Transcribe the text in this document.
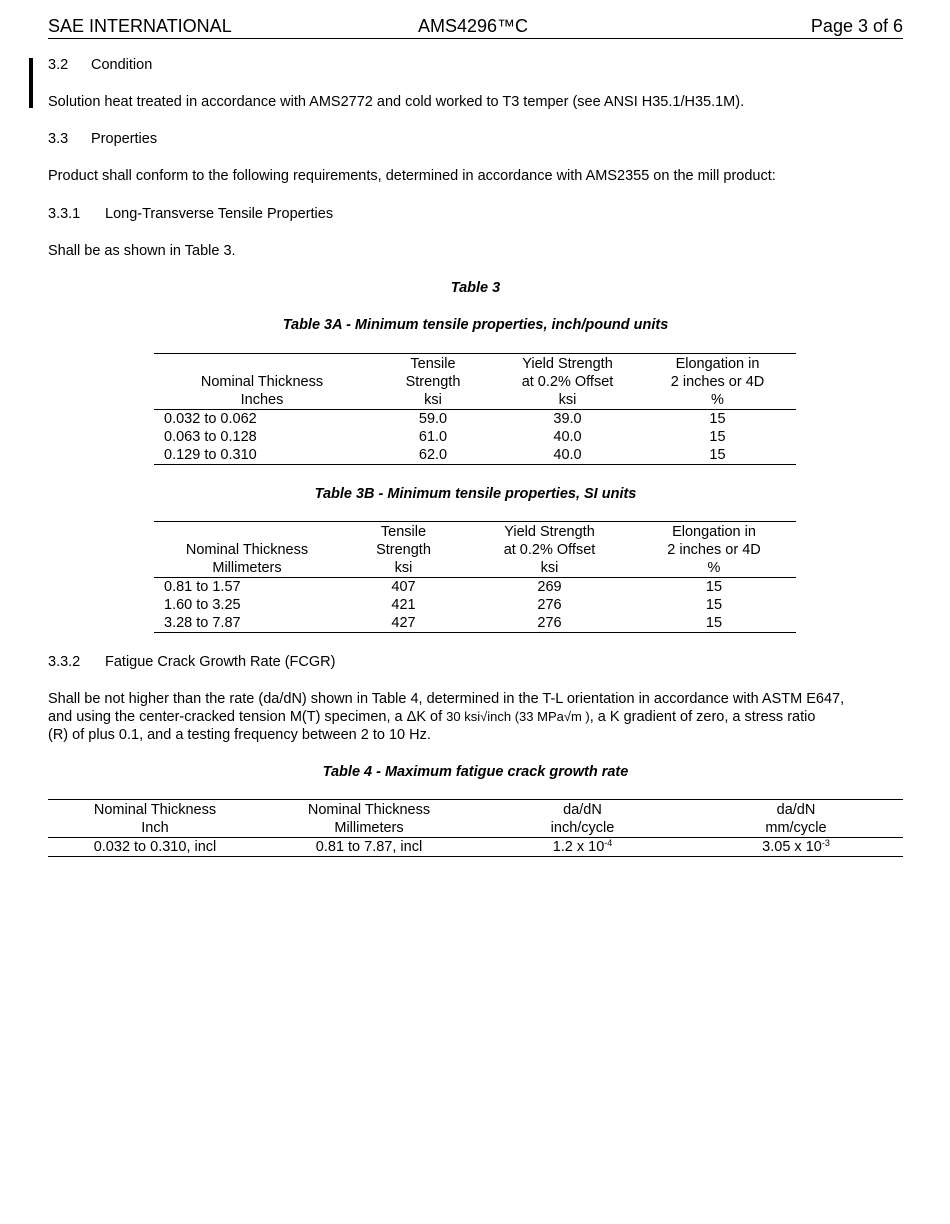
SAE INTERNATIONAL	AMS4296™C	Page 3 of 6
3.2 Condition
Solution heat treated in accordance with AMS2772 and cold worked to T3 temper (see ANSI H35.1/H35.1M).
3.3 Properties
Product shall conform to the following requirements, determined in accordance with AMS2355 on the mill product:
3.3.1 Long-Transverse Tensile Properties
Shall be as shown in Table 3.
Table 3
Table 3A - Minimum tensile properties, inch/pound units
	Tensile	Yield Strength	Elongation in
Nominal Thickness	Strength	at 0.2% Offset	2 inches or 4D
Inches	ksi	ksi	%
0.032 to 0.062	59.0	39.0	15
0.063 to 0.128	61.0	40.0	15
0.129 to 0.310	62.0	40.0	15
Table 3B - Minimum tensile properties, SI units
	Tensile	Yield Strength	Elongation in
Nominal Thickness	Strength	at 0.2% Offset	2 inches or 4D
Millimeters	ksi	ksi	%
0.81 to 1.57	407	269	15
1.60 to 3.25	421	276	15
3.28 to 7.87	427	276	15
3.3.2 Fatigue Crack Growth Rate (FCGR)
Shall be not higher than the rate (da/dN) shown in Table 4, determined in the T-L orientation in accordance with ASTM E647,
and using the center-cracked tension M(T) specimen, a ΔK of 30 ksi√inch (33 MPa√m ), a K gradient of zero, a stress ratio
(R) of plus 0.1, and a testing frequency between 2 to 10 Hz.
Table 4 - Maximum fatigue crack growth rate
Nominal Thickness	Nominal Thickness	da/dN	da/dN
Inch	Millimeters	inch/cycle	mm/cycle
0.032 to 0.310, incl	0.81 to 7.87, incl	1.2 x $10^{-4}$	3.05 x $10^{-3}$
